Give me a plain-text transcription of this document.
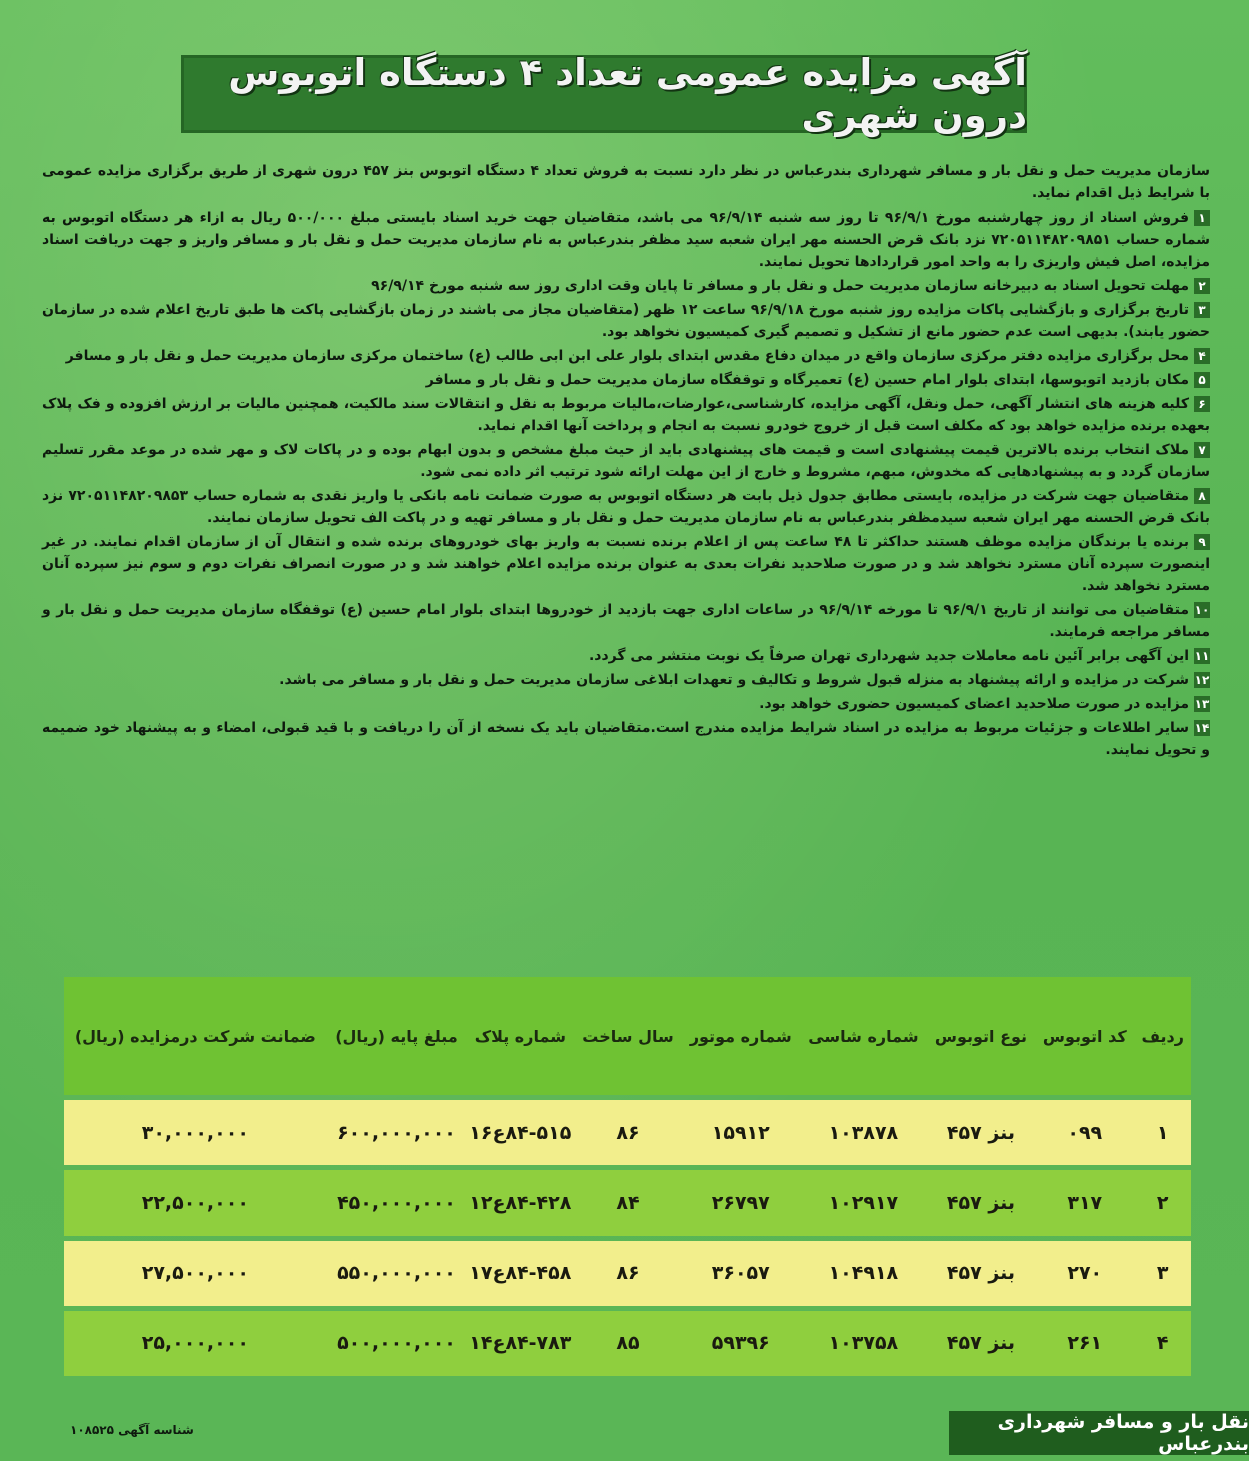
آگهی مزایده عمومی تعداد ۴ دستگاه اتوبوس درون شهری

سازمان مدیریت حمل و نقل بار و مسافر شهرداری بندرعباس در نظر دارد نسبت به فروش تعداد ۴ دستگاه اتوبوس بنز ۴۵۷ درون شهری از طریق برگزاری مزایده عمومی با شرایط ذیل اقدام نماید.

۱فروش اسناد از روز چهارشنبه مورخ ۹۶/۹/۱ تا روز سه شنبه ۹۶/۹/۱۴ می باشد، متقاضیان جهت خرید اسناد بایستی مبلغ ۵۰۰/۰۰۰ ریال به ازاء هر دستگاه اتوبوس به شماره حساب ۷۲۰۵۱۱۴۸۲۰۹۸۵۱ نزد بانک قرض الحسنه مهر ایران شعبه سید مظفر بندرعباس به نام سازمان مدیریت حمل و نقل بار و مسافر واریز و جهت دریافت اسناد مزایده، اصل فیش واریزی را به واحد امور قراردادها تحویل نمایند.

۲مهلت تحویل اسناد به دبیرخانه سازمان مدیریت حمل و نقل بار و مسافر تا پایان وقت اداری روز سه شنبه مورخ ۹۶/۹/۱۴

۳تاریخ برگزاری و بازگشایی پاکات مزایده روز شنبه مورخ ۹۶/۹/۱۸ ساعت ۱۲ ظهر (متقاضیان مجاز می باشند در زمان بازگشایی پاکت ها طبق تاریخ اعلام شده در سازمان حضور یابند). بدیهی است عدم حضور مانع از تشکیل و تصمیم گیری کمیسیون نخواهد بود.

۴محل برگزاری مزایده دفتر مرکزی سازمان واقع در میدان دفاع مقدس ابتدای بلوار علی ابن ابی طالب (ع) ساختمان مرکزی سازمان مدیریت حمل و نقل بار و مسافر

۵مکان بازدید اتوبوسها، ابتدای بلوار امام حسین (ع) تعمیرگاه و توقفگاه سازمان مدیریت حمل و نقل بار و مسافر

۶کلیه هزینه های انتشار آگهی، حمل ونقل، آگهی مزایده، کارشناسی،عوارضات،مالیات مربوط به نقل و انتقالات سند مالکیت، همچنین مالیات بر ارزش افزوده و فک پلاک بعهده برنده مزایده خواهد بود که مکلف است قبل از خروج خودرو نسبت به انجام و پرداخت آنها اقدام نماید.

۷ملاک انتخاب برنده بالاترین قیمت پیشنهادی است و قیمت های پیشنهادی باید از حیث مبلغ مشخص و بدون ابهام بوده و در پاکات لاک و مهر شده در موعد مقرر تسلیم سازمان گردد و به پیشنهادهایی که مخدوش، مبهم، مشروط و خارج از این مهلت ارائه شود ترتیب اثر داده نمی شود.

۸متقاضیان جهت شرکت در مزایده، بایستی مطابق جدول ذیل بابت هر دستگاه اتوبوس به صورت ضمانت نامه بانکی یا واریز نقدی به شماره حساب ۷۲۰۵۱۱۴۸۲۰۹۸۵۳ نزد بانک قرض الحسنه مهر ایران شعبه سیدمظفر بندرعباس به نام سازمان مدیریت حمل و نقل بار و مسافر تهیه و در پاکت الف تحویل سازمان نمایند.

۹برنده یا برندگان مزایده موظف هستند حداکثر تا ۴۸ ساعت پس از اعلام برنده نسبت به واریز بهای خودروهای برنده شده و انتقال آن از سازمان اقدام نمایند. در غیر اینصورت سپرده آنان مسترد نخواهد شد و در صورت صلاحدید نفرات بعدی به عنوان برنده مزایده اعلام خواهند شد و در صورت انصراف نفرات دوم و سوم نیز سپرده آنان مسترد نخواهد شد.

۱۰متقاضیان می توانند از تاریخ ۹۶/۹/۱ تا مورخه ۹۶/۹/۱۴ در ساعات اداری جهت بازدید از خودروها ابتدای بلوار امام حسین (ع) توقفگاه سازمان مدیریت حمل و نقل بار و مسافر مراجعه فرمایند.

۱۱این آگهی برابر آئین نامه معاملات جدید شهرداری تهران صرفاً یک نوبت منتشر می گردد.

۱۲شرکت در مزایده و ارائه پیشنهاد به منزله قبول شروط و تکالیف و تعهدات ابلاغی سازمان مدیریت حمل و نقل بار و مسافر می باشد.

۱۳مزایده در صورت صلاحدید اعضای کمیسیون حضوری خواهد بود.

۱۴سایر اطلاعات و جزئیات مربوط به مزایده در اسناد شرایط مزایده مندرج است.متقاضیان باید یک نسخه از آن را دریافت و با قید قبولی، امضاء و به پیشنهاد خود ضمیمه و تحویل نمایند.

ردیف	کد اتوبوس	نوع اتوبوس	شماره شاسی	شماره موتور	سال ساخت	شماره پلاک	مبلغ پایه (ریال)	ضمانت شرکت درمزایده (ریال)
۱	۰۹۹	بنز ۴۵۷	۱۰۳۸۷۸	۱۵۹۱۲	۸۶	۸۴-۵۱۵ع۱۶	۶۰۰,۰۰۰,۰۰۰	۳۰,۰۰۰,۰۰۰
۲	۳۱۷	بنز ۴۵۷	۱۰۲۹۱۷	۲۶۷۹۷	۸۴	۸۴-۴۲۸ع۱۲	۴۵۰,۰۰۰,۰۰۰	۲۲,۵۰۰,۰۰۰
۳	۲۷۰	بنز ۴۵۷	۱۰۴۹۱۸	۳۶۰۵۷	۸۶	۸۴-۴۵۸ع۱۷	۵۵۰,۰۰۰,۰۰۰	۲۷,۵۰۰,۰۰۰
۴	۲۶۱	بنز ۴۵۷	۱۰۳۷۵۸	۵۹۳۹۶	۸۵	۸۴-۷۸۳ع۱۴	۵۰۰,۰۰۰,۰۰۰	۲۵,۰۰۰,۰۰۰
نقل بار و مسافر شهرداری بندرعباس
شناسه آگهی ۱۰۸۵۲۵
